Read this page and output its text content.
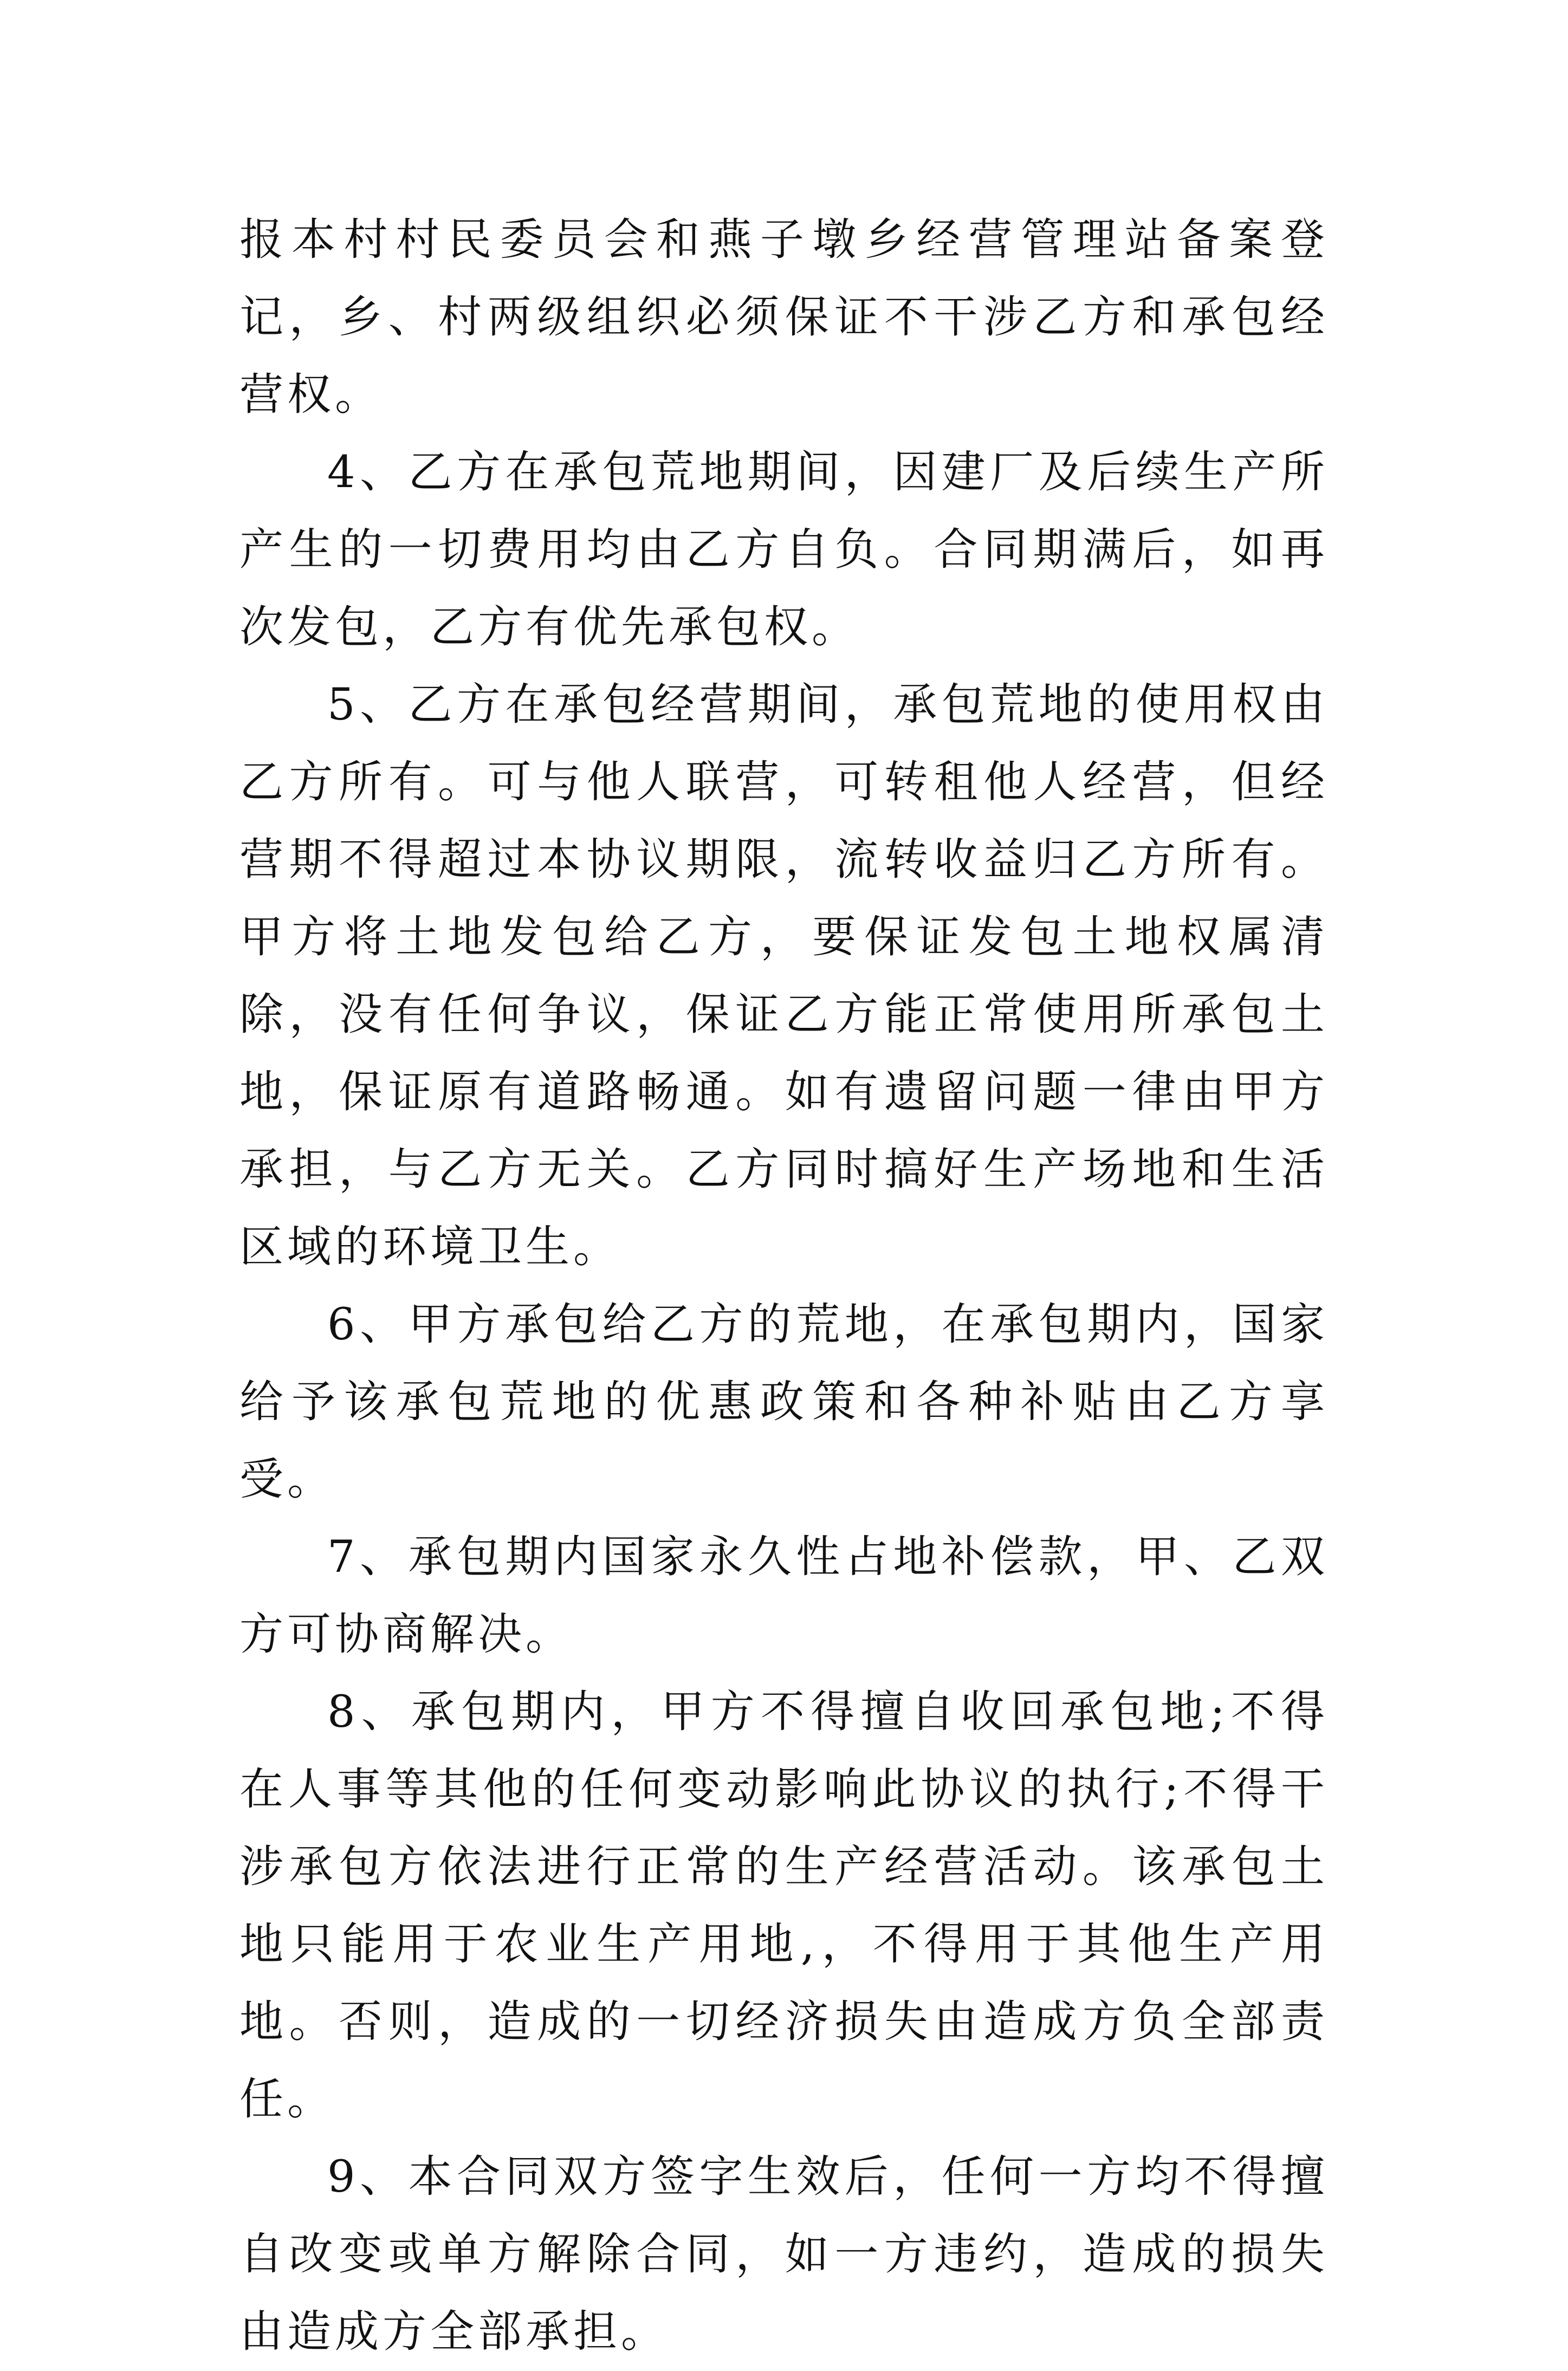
报本村村民委员会和燕子墩乡经营管理站备案登记，乡、村两级组织必须保证不干涉乙方和承包经营权。

4、乙方在承包荒地期间，因建厂及后续生产所产生的一切费用均由乙方自负。合同期满后，如再次发包，乙方有优先承包权。

5、乙方在承包经营期间，承包荒地的使用权由乙方所有。可与他人联营，可转租他人经营，但经营期不得超过本协议期限，流转收益归乙方所有。甲方将土地发包给乙方，要保证发包土地权属清除，没有任何争议，保证乙方能正常使用所承包土地，保证原有道路畅通。如有遗留问题一律由甲方承担，与乙方无关。乙方同时搞好生产场地和生活区域的环境卫生。

6、甲方承包给乙方的荒地，在承包期内，国家给予该承包荒地的优惠政策和各种补贴由乙方享受。

7、承包期内国家永久性占地补偿款，甲、乙双方可协商解决。

8、承包期内，甲方不得擅自收回承包地;不得在人事等其他的任何变动影响此协议的执行;不得干涉承包方依法进行正常的生产经营活动。该承包土地只能用于农业生产用地,，不得用于其他生产用地。否则，造成的一切经济损失由造成方负全部责任。

9、本合同双方签字生效后，任何一方均不得擅自改变或单方解除合同，如一方违约，造成的损失由造成方全部承担。
